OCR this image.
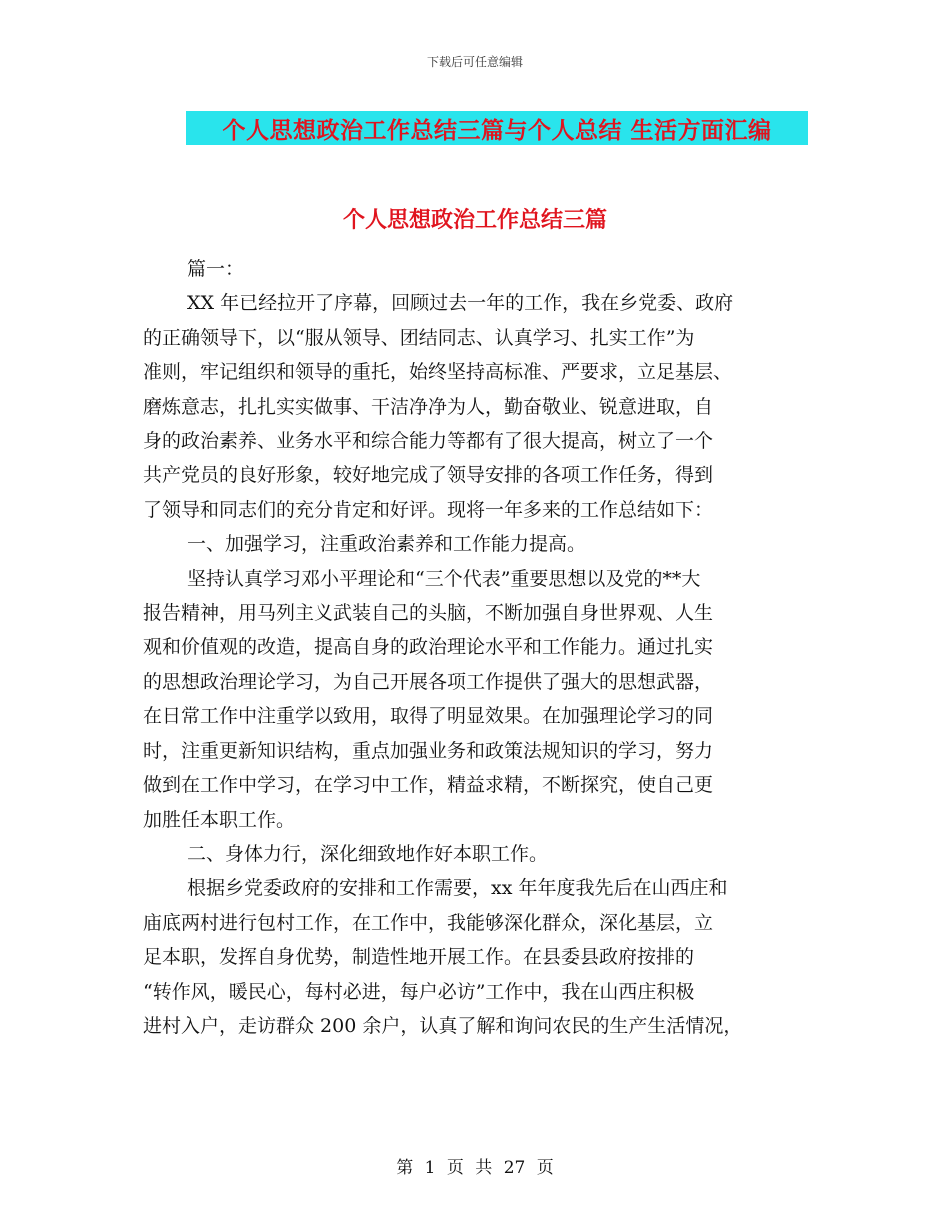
下载后可任意编辑
个人思想政治工作总结三篇与个人总结 生活方面汇编
个人思想政治工作总结三篇

篇一：

XX 年已经拉开了序幕，回顾过去一年的工作，我在乡党委、政府

的正确领导下，以“服从领导、团结同志、认真学习、扎实工作”为

准则，牢记组织和领导的重托，始终坚持高标准、严要求，立足基层、

磨炼意志，扎扎实实做事、干洁净净为人，勤奋敬业、锐意进取，自

身的政治素养、业务水平和综合能力等都有了很大提高，树立了一个

共产党员的良好形象，较好地完成了领导安排的各项工作任务，得到

了领导和同志们的充分肯定和好评。现将一年多来的工作总结如下：

一、加强学习，注重政治素养和工作能力提高。

坚持认真学习邓小平理论和“三个代表”重要思想以及党的**大

报告精神，用马列主义武装自己的头脑，不断加强自身世界观、人生

观和价值观的改造，提高自身的政治理论水平和工作能力。通过扎实

的思想政治理论学习，为自己开展各项工作提供了强大的思想武器，

在日常工作中注重学以致用，取得了明显效果。在加强理论学习的同

时，注重更新知识结构，重点加强业务和政策法规知识的学习，努力

做到在工作中学习，在学习中工作，精益求精，不断探究，使自己更

加胜任本职工作。

二、身体力行，深化细致地作好本职工作。

根据乡党委政府的安排和工作需要，xx 年年度我先后在山西庄和

庙底两村进行包村工作，在工作中，我能够深化群众，深化基层，立

足本职，发挥自身优势，制造性地开展工作。在县委县政府按排的

“转作风，暖民心，每村必进，每户必访”工作中，我在山西庄积极

进村入户，走访群众 200 余户，认真了解和询问农民的生产生活情况，

第 1 页 共 27 页
